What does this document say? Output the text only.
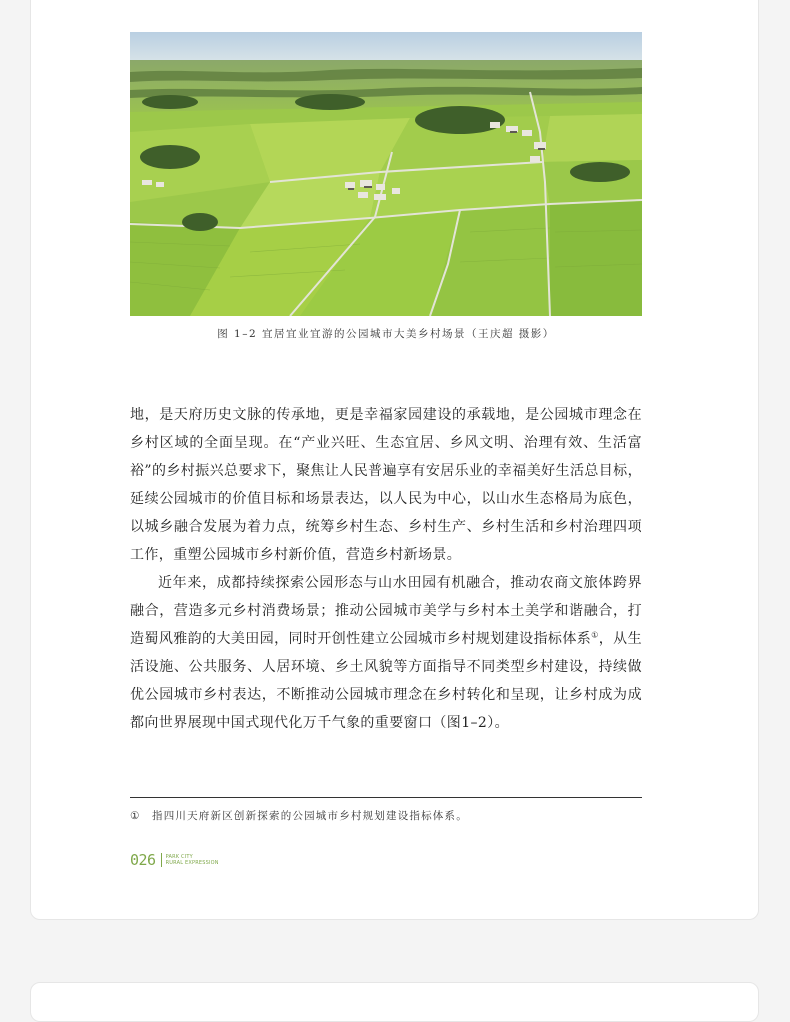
图 1–2 宜居宜业宜游的公园城市大美乡村场景（王庆超 摄影）

地，是天府历史文脉的传承地，更是幸福家园建设的承载地，是公园城市理念在乡村区域的全面呈现。在“产业兴旺、生态宜居、乡风文明、治理有效、生活富裕”的乡村振兴总要求下，聚焦让人民普遍享有安居乐业的幸福美好生活总目标，延续公园城市的价值目标和场景表达，以人民为中心，以山水生态格局为底色，以城乡融合发展为着力点，统筹乡村生态、乡村生产、乡村生活和乡村治理四项工作，重塑公园城市乡村新价值，营造乡村新场景。

近年来，成都持续探索公园形态与山水田园有机融合，推动农商文旅体跨界融合，营造多元乡村消费场景；推动公园城市美学与乡村本土美学和谐融合，打造蜀风雅韵的大美田园，同时开创性建立公园城市乡村规划建设指标体系①，从生活设施、公共服务、人居环境、乡土风貌等方面指导不同类型乡村建设，持续做优公园城市乡村表达，不断推动公园城市理念在乡村转化和呈现，让乡村成为成都向世界展现中国式现代化万千气象的重要窗口（图1–2）。

① 指四川天府新区创新探索的公园城市乡村规划建设指标体系。
026 PARK CITY
RURAL EXPRESSION
